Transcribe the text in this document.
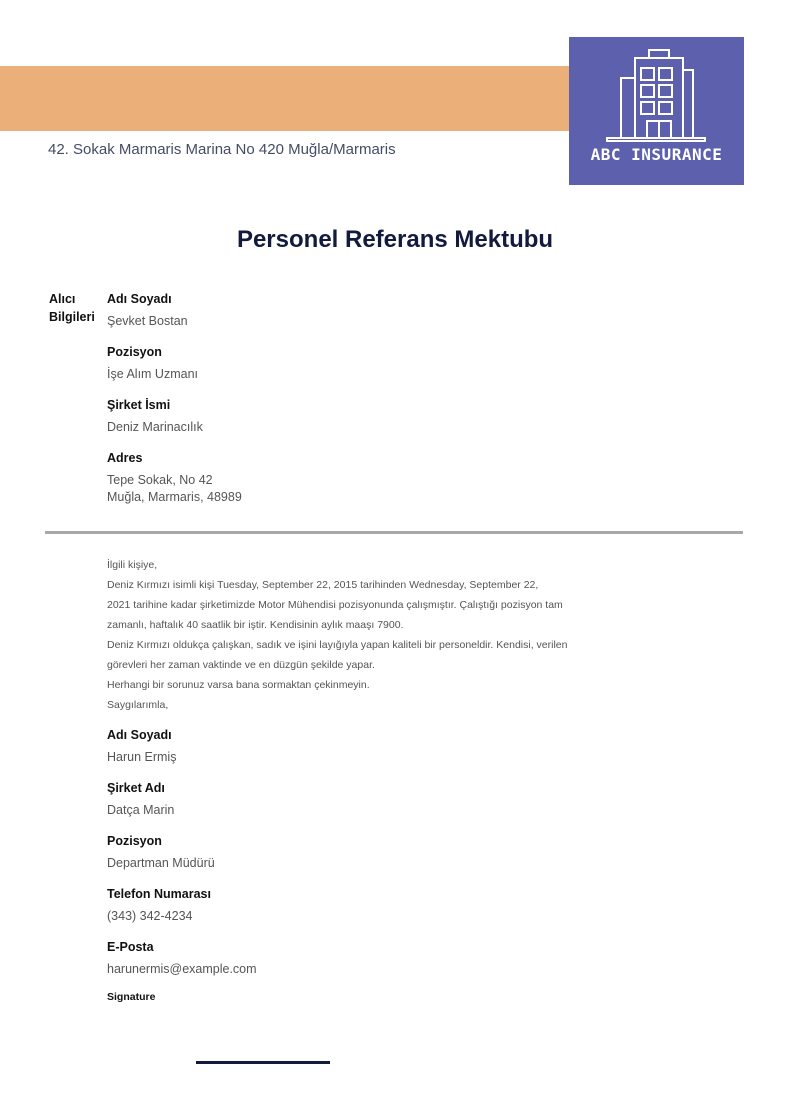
42. Sokak Marmaris Marina No 420 Muğla/Marmaris	ABC INSURANCE
Personel Referans Mektubu
Alıcı Bilgileri
Adı Soyadı
Şevket Bostan
Pozisyon
İşe Alım Uzmanı
Şirket İsmi
Deniz Marinacılık
Adres
Tepe Sokak, No 42
Muğla, Marmaris, 48989

İlgili kişiye,

Deniz Kırmızı isimli kişi Tuesday, September 22, 2015 tarihinden Wednesday, September 22,

2021 tarihine kadar şirketimizde Motor Mühendisi pozisyonunda çalışmıştır. Çalıştığı pozisyon tam

zamanlı, haftalık 40 saatlik bir iştir. Kendisinin aylık maaşı 7900.

Deniz Kırmızı oldukça çalışkan, sadık ve işini layığıyla yapan kaliteli bir personeldir. Kendisi, verilen

görevleri her zaman vaktinde ve en düzgün şekilde yapar.

Herhangi bir sorunuz varsa bana sormaktan çekinmeyin.

Saygılarımla,

Adı Soyadı
Harun Ermiş
Şirket Adı
Datça Marin
Pozisyon
Departman Müdürü
Telefon Numarası
(343) 342-4234
E-Posta
harunermis@example.com
Signature
